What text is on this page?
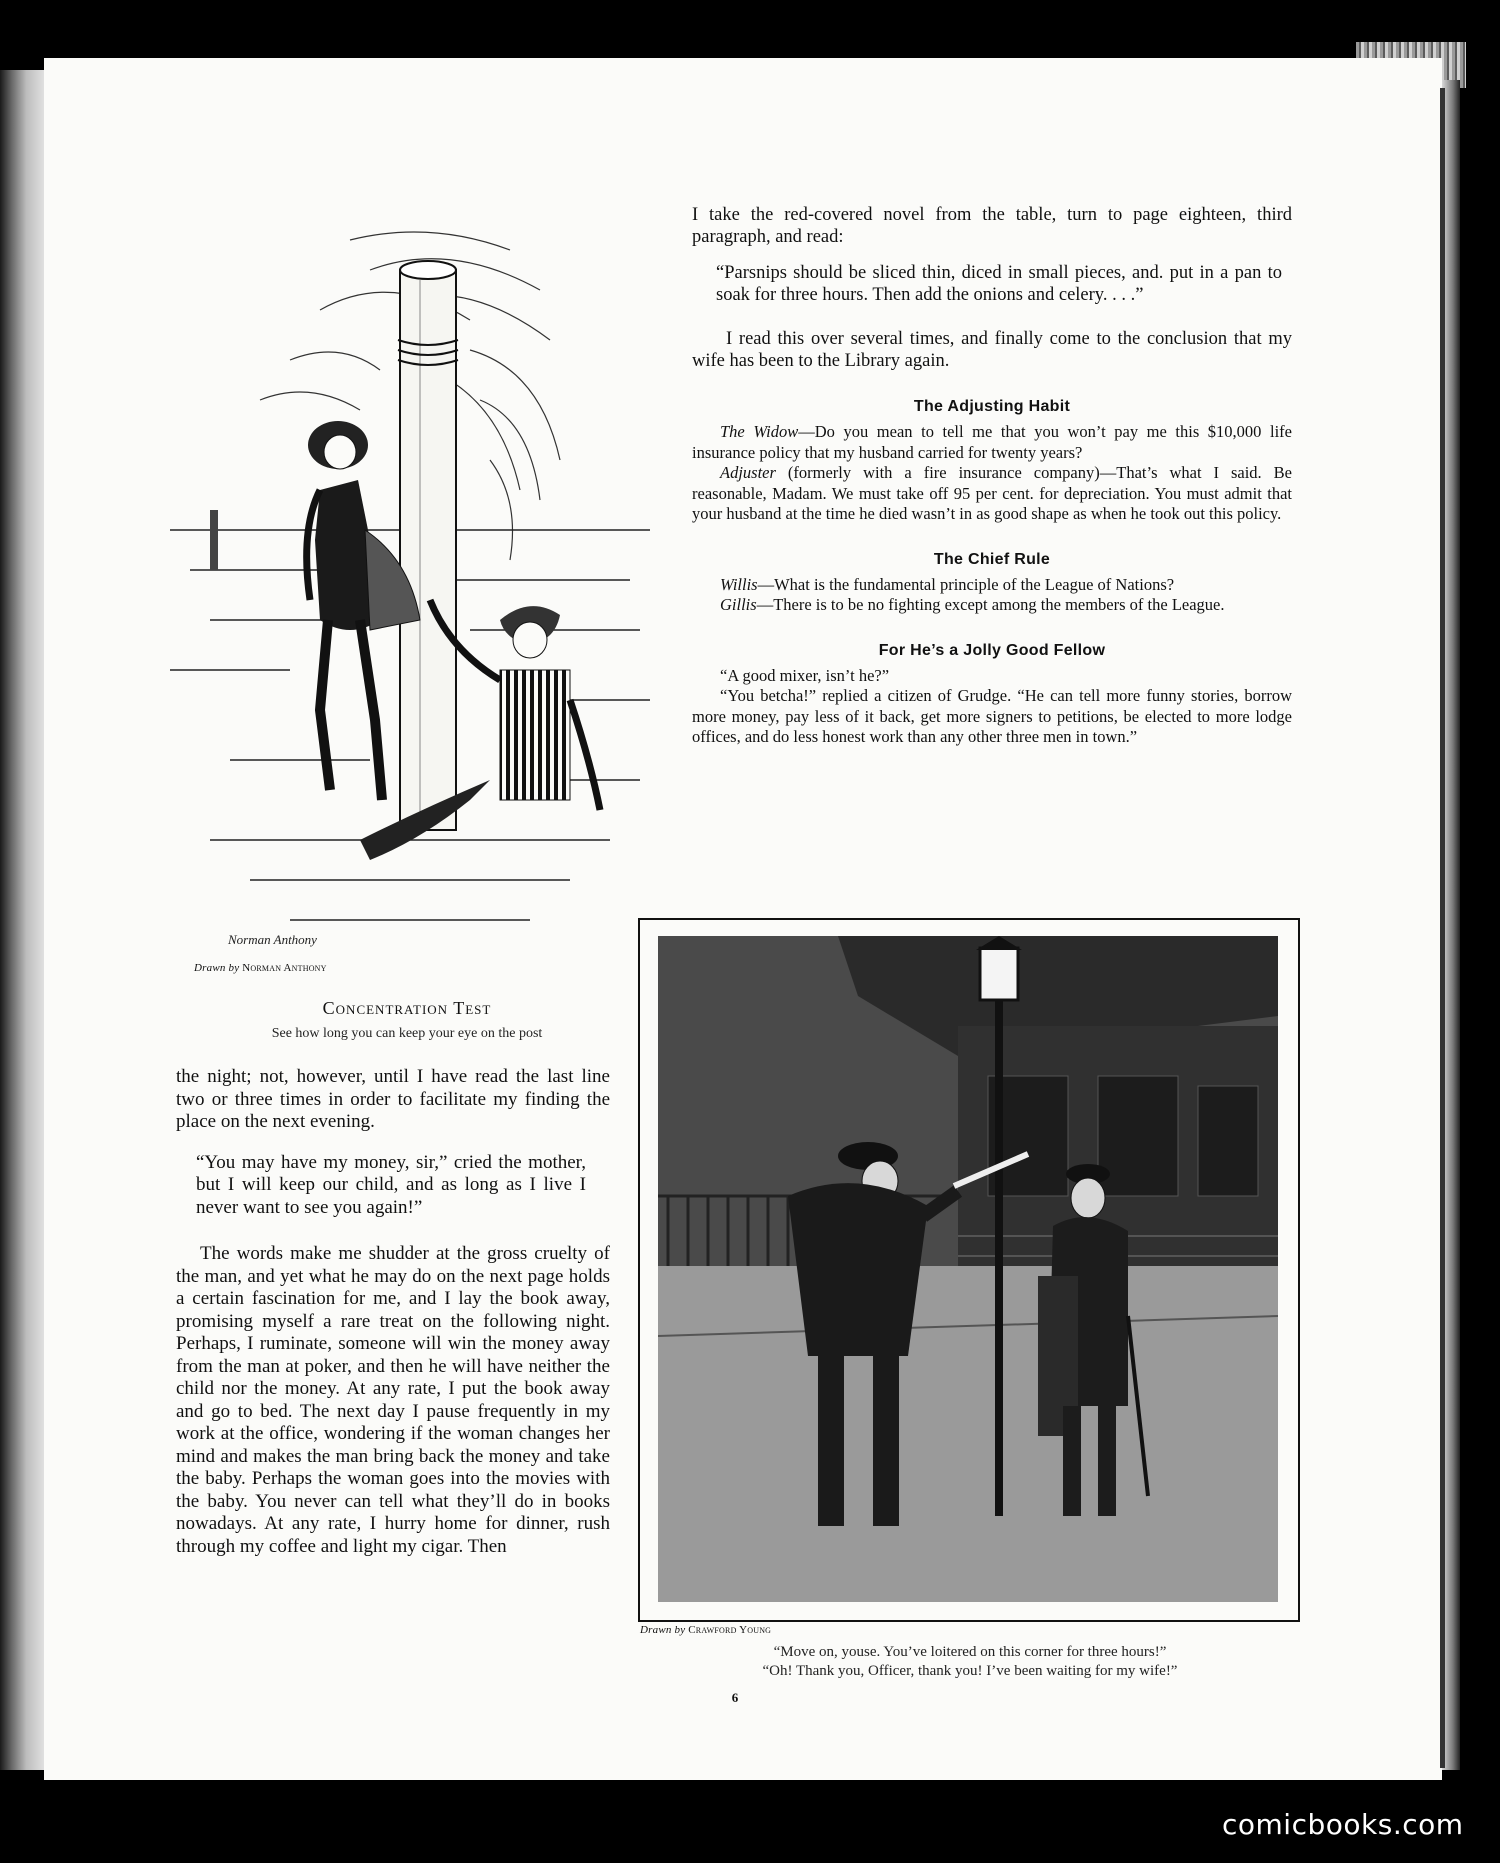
Norman Anthony
Drawn by Norman Anthony
Concentration Test
See how long you can keep your eye on the post

the night; not, however, until I have read the last line two or three times in order to facilitate my finding the place on the next evening.

“You may have my money, sir,” cried the mother, but I will keep our child, and as long as I live I never want to see you again!”

The words make me shudder at the gross cruelty of the man, and yet what he may do on the next page holds a certain fascination for me, and I lay the book away, promising myself a rare treat on the following night. Perhaps, I ruminate, someone will win the money away from the man at poker, and then he will have neither the child nor the money. At any rate, I put the book away and go to bed. The next day I pause frequently in my work at the office, wondering if the woman changes her mind and makes the man bring back the money and take the baby. Perhaps the woman goes into the movies with the baby. You never can tell what they’ll do in books nowadays. At any rate, I hurry home for dinner, rush through my coffee and light my cigar. Then

I take the red-covered novel from the table, turn to page eighteen, third paragraph, and read:

“Parsnips should be sliced thin, diced in small pieces, and. put in a pan to soak for three hours. Then add the onions and celery. . . .”

I read this over several times, and finally come to the conclusion that my wife has been to the Library again.

The Adjusting Habit

The Widow—Do you mean to tell me that you won’t pay me this $10,000 life insurance policy that my husband carried for twenty years?

Adjuster (formerly with a fire insurance company)—That’s what I said. Be reasonable, Madam. We must take off 95 per cent. for depreciation. You must admit that your husband at the time he died wasn’t in as good shape as when he took out this policy.

The Chief Rule

Willis—What is the fundamental principle of the League of Nations?

Gillis—There is to be no fighting except among the members of the League.

For He’s a Jolly Good Fellow

“A good mixer, isn’t he?”

“You betcha!” replied a citizen of Grudge. “He can tell more funny stories, borrow more money, pay less of it back, get more signers to petitions, be elected to more lodge offices, and do less honest work than any other three men in town.”

Drawn by Crawford Young
“Move on, youse. You’ve loitered on this corner for three hours!”
“Oh! Thank you, Officer, thank you! I’ve been waiting for my wife!”
6
comicbooks.com
